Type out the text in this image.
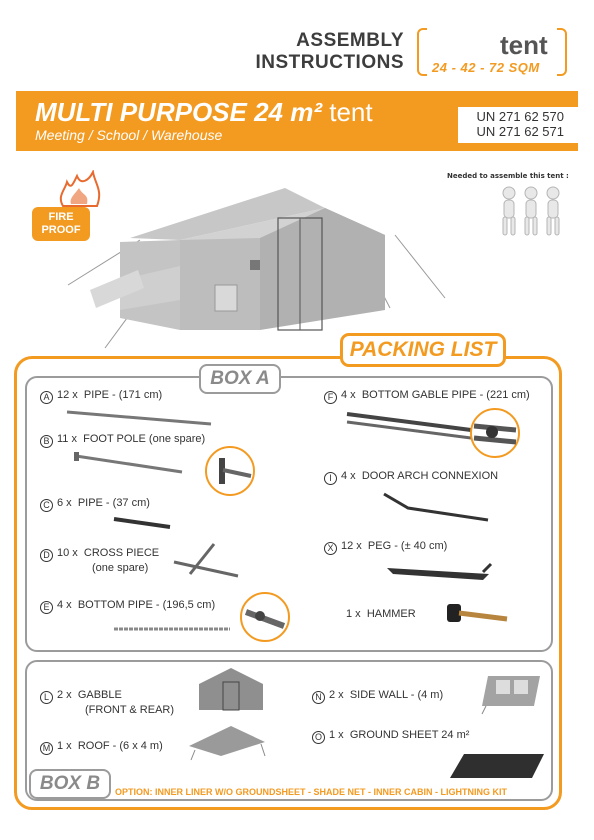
ASSEMBLY
INSTRUCTIONS
tent
24 - 42 - 72 SQM
MULTI PURPOSE 24 m² tent
Meeting / School / Warehouse
UN 271 62 570
UN 271 62 571
Needed to assemble this tent :
FIRE
PROOF
PACKING LIST
BOX A
BOX B
A 12 x PIPE - (171 cm)
B 11 x FOOT POLE (one spare)
C 6 x PIPE - (37 cm)
D 10 x CROSS PIECE
(one spare)
E 4 x BOTTOM PIPE - (196,5 cm)
F 4 x BOTTOM GABLE PIPE - (221 cm)
I 4 x DOOR ARCH CONNEXION
X 12 x PEG - (± 40 cm)
1 x HAMMER
L 2 x GABBLE
(FRONT & REAR)
M 1 x ROOF - (6 x 4 m)
N 2 x SIDE WALL - (4 m)
O 1 x GROUND SHEET 24 m²
OPTION: INNER LINER W/O GROUNDSHEET - SHADE NET - INNER CABIN - LIGHTNING KIT
